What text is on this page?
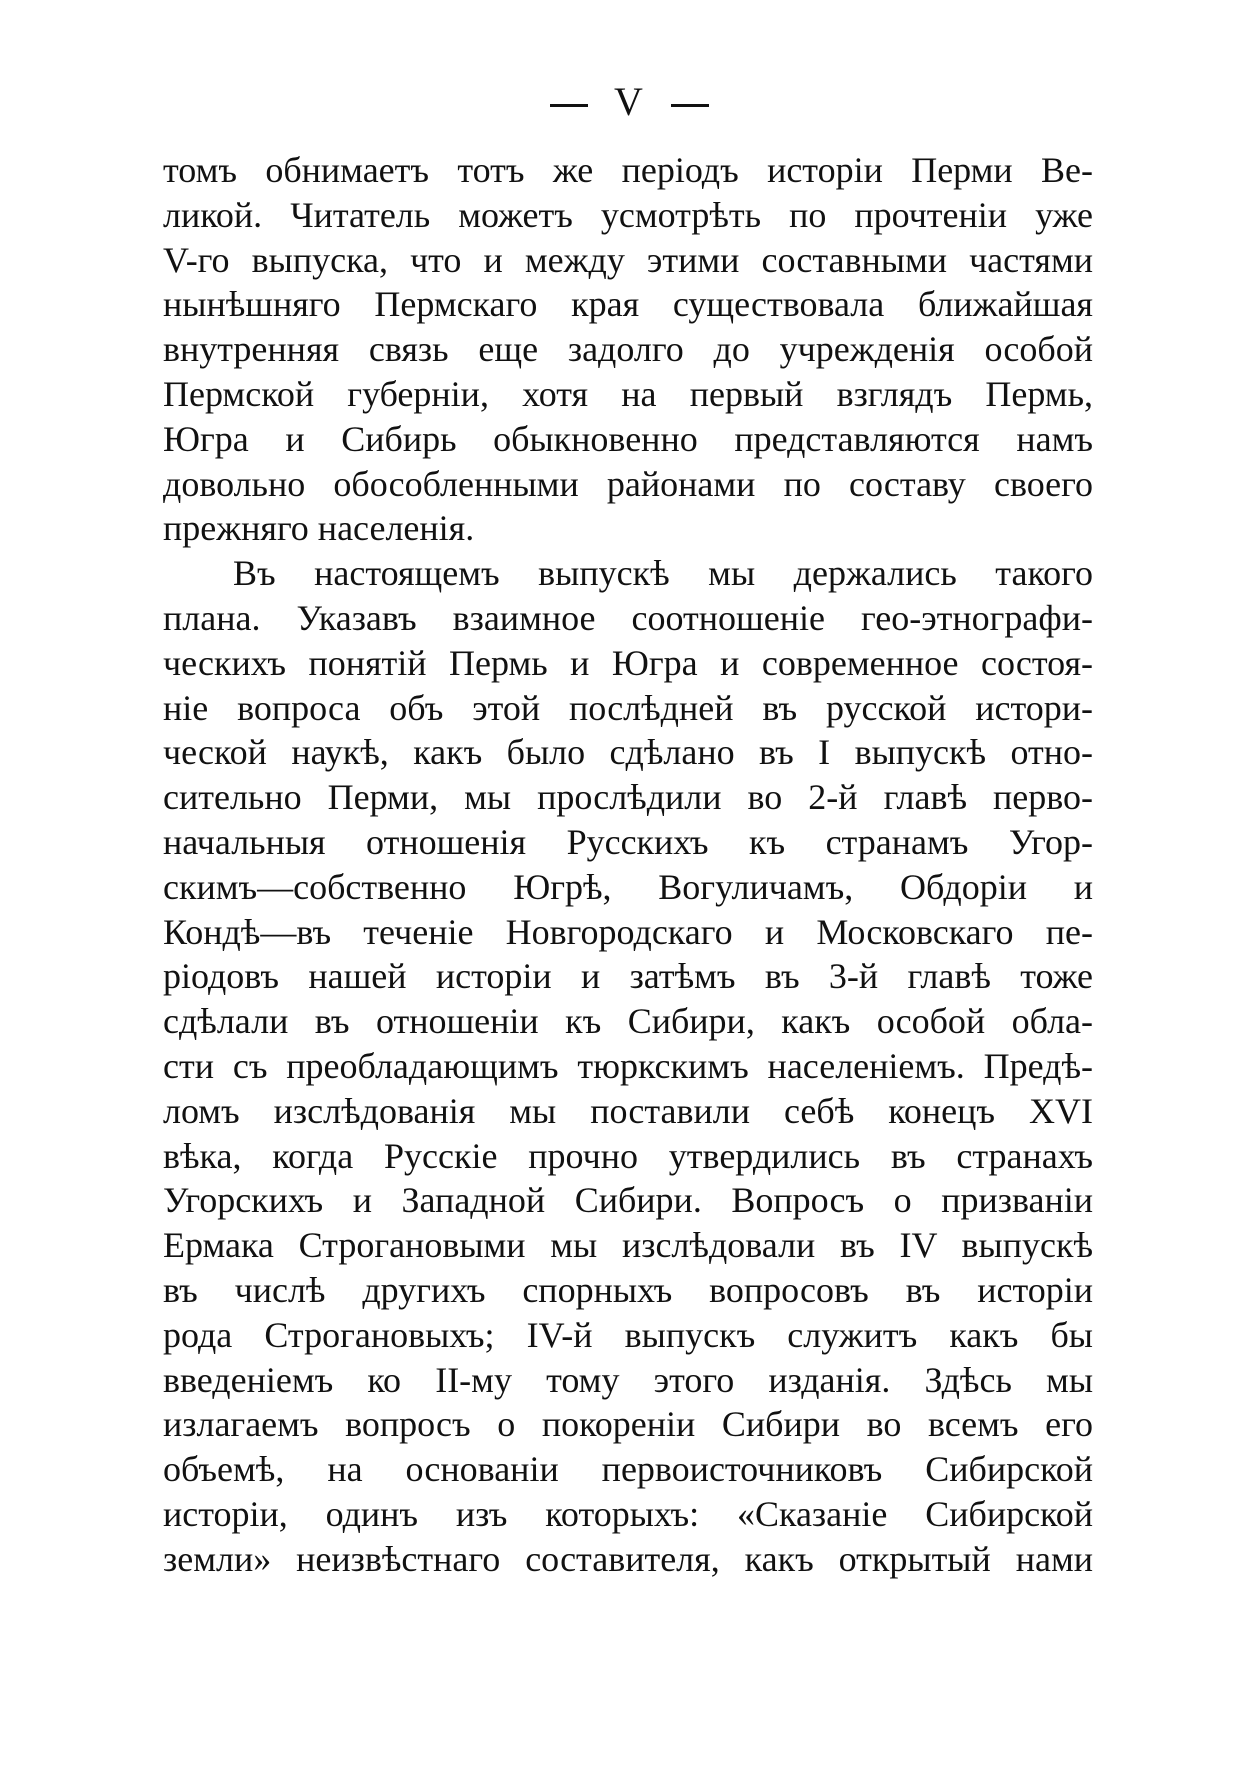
V
томъ обнимаетъ тотъ же періодъ исторіи Перми Ве-
ликой. Читатель можетъ усмотрѣть по прочтеніи уже
V-го выпуска, что и между этими составными частями
нынѣшняго Пермскаго края существовала ближайшая
внутренняя связь еще задолго до учрежденія особой
Пермской губерніи, хотя на первый взглядъ Пермь,
Югра и Сибирь обыкновенно представляются намъ
довольно обособленными районами по составу своего
прежняго населенія.
Въ настоящемъ выпускѣ мы держались такого
плана. Указавъ взаимное соотношеніе гео-этнографи-
ческихъ понятій Пермь и Югра и современное состоя-
ніе вопроса объ этой послѣдней въ русской истори-
ческой наукѣ, какъ было сдѣлано въ I выпускѣ отно-
сительно Перми, мы прослѣдили во 2-й главѣ перво-
начальныя отношенія Русскихъ къ странамъ Угор-
скимъ—собственно Югрѣ, Вогуличамъ, Обдоріи и
Кондѣ—въ теченіе Новгородскаго и Московскаго пе-
ріодовъ нашей исторіи и затѣмъ въ 3-й главѣ тоже
сдѣлали въ отношеніи къ Сибири, какъ особой обла-
сти съ преобладающимъ тюркскимъ населеніемъ. Предѣ-
ломъ изслѣдованія мы поставили себѣ конецъ XVI
вѣка, когда Русскіе прочно утвердились въ странахъ
Угорскихъ и Западной Сибири. Вопросъ о призваніи
Ермака Строгановыми мы изслѣдовали въ IV выпускѣ
въ числѣ другихъ спорныхъ вопросовъ въ исторіи
рода Строгановыхъ; IV-й выпускъ служитъ какъ бы
введеніемъ ко II-му тому этого изданія. Здѣсь мы
излагаемъ вопросъ о покореніи Сибири во всемъ его
объемѣ, на основаніи первоисточниковъ Сибирской
исторіи, одинъ изъ которыхъ: «Сказаніе Сибирской
земли» неизвѣстнаго составителя, какъ открытый нами
